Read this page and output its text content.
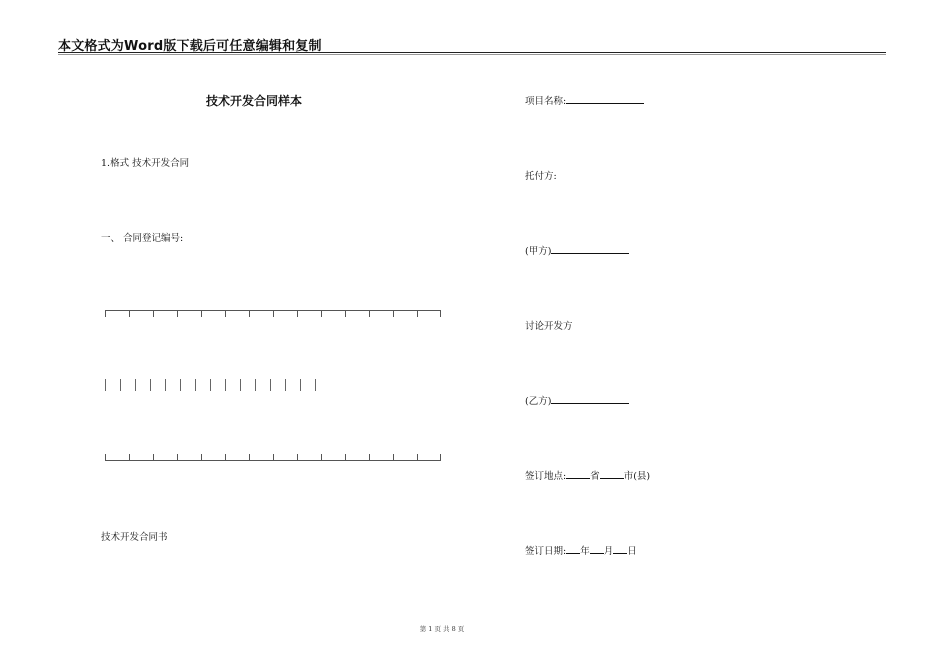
本文格式为Word版下载后可任意编辑和复制
技术开发合同样本
1.格式 技术开发合同
一、 合同登记编号:
技术开发合同书
项目名称:
托付方:
(甲方)
讨论开发方
(乙方)
签订地点:	省	市(县)
签订日期: 年 月 日
第 1 页 共 8 页
